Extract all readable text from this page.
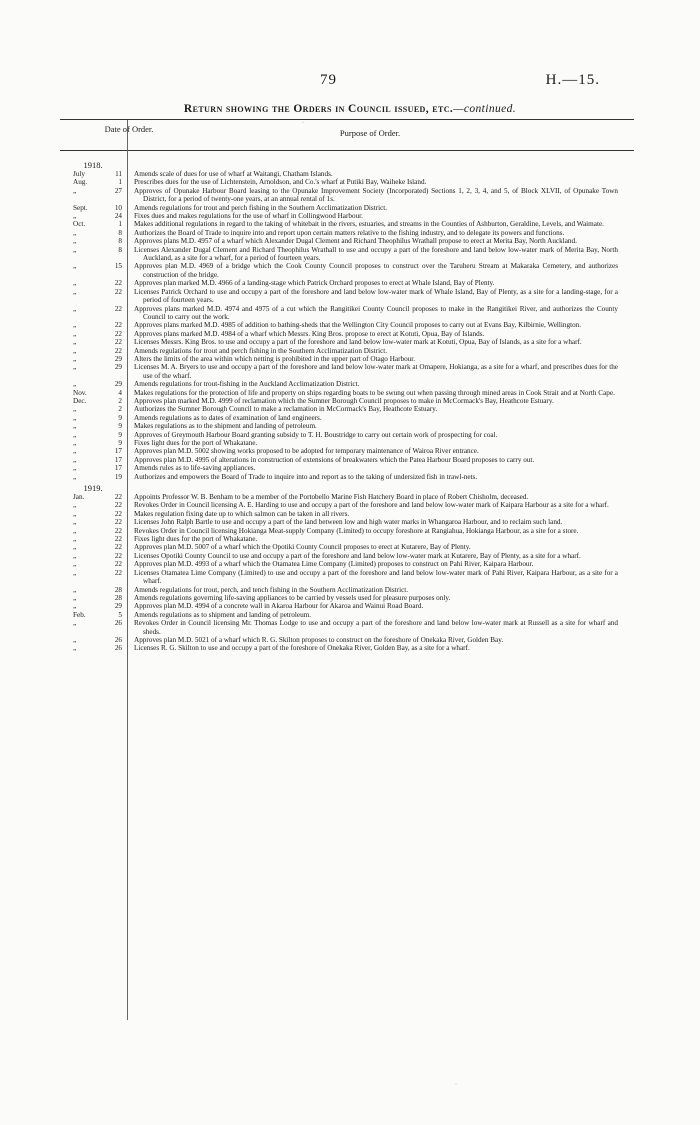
79	H.—15.
Return showing the Orders in Council issued, etc.—continued.
Date of Order.	Purpose of Order.
1918.
July	11 Amends scale of dues for use of wharf at Waitangi, Chatham Islands.
Aug.	1 Prescribes dues for the use of Lichtenstein, Arnoldson, and Co.'s wharf at Putiki Bay, Waiheke Island.
„	27 Approves of Opunake Harbour Board leasing to the Opunake Improvement Society (Incorporated) Sections 1, 2, 3, 4, and 5, of Block XLVII, of Opunake Town District, for a period of twenty-one years, at an annual rental of 1s.
Sept.	10 Amends regulations for trout and perch fishing in the Southern Acclimatization District.
„	24 Fixes dues and makes regulations for the use of wharf in Collingwood Harbour.
Oct.	1 Makes additional regulations in regard to the taking of whitebait in the rivers, estuaries, and streams in the Counties of Ashburton, Geraldine, Levels, and Waimate.
„	8 Authorizes the Board of Trade to inquire into and report upon certain matters relative to the fishing industry, and to delegate its powers and functions.
„	8 Approves plans M.D. 4957 of a wharf which Alexander Dugal Clement and Richard Theophilus Wrathall propose to erect at Merita Bay, North Auckland.
„	8 Licenses Alexander Dugal Clement and Richard Theophilus Wrathall to use and occupy a part of the foreshore and land below low-water mark of Merita Bay, North Auckland, as a site for a wharf, for a period of fourteen years.
„	15 Approves plan M.D. 4969 of a bridge which the Cook County Council proposes to construct over the Taruheru Stream at Makaraka Cemetery, and authorizes construction of the bridge.
„	22 Approves plan marked M.D. 4966 of a landing-stage which Patrick Orchard proposes to erect at Whale Island, Bay of Plenty.
„	22 Licenses Patrick Orchard to use and occupy a part of the foreshore and land below low-water mark of Whale Island, Bay of Plenty, as a site for a landing-stage, for a period of fourteen years.
„	22 Approves plans marked M.D. 4974 and 4975 of a cut which the Rangitikei County Council proposes to make in the Rangitikei River, and authorizes the County Council to carry out the work.
„	22 Approves plans marked M.D. 4985 of addition to bathing-sheds that the Wellington City Council proposes to carry out at Evans Bay, Kilbirnie, Wellington.
„	22 Approves plans marked M.D. 4984 of a wharf which Messrs. King Bros. propose to erect at Kotuti, Opua, Bay of Islands.
„	22 Licenses Messrs. King Bros. to use and occupy a part of the foreshore and land below low-water mark at Kotuti, Opua, Bay of Islands, as a site for a wharf.
„	22 Amends regulations for trout and perch fishing in the Southern Acclimatization District.
„	29 Alters the limits of the area within which netting is prohibited in the upper part of Otago Harbour.
„	29 Licenses M. A. Bryers to use and occupy a part of the foreshore and land below low-water mark at Omapere, Hokianga, as a site for a wharf, and prescribes dues for the use of the wharf.
„	29 Amends regulations for trout-fishing in the Auckland Acclimatization District.
Nov.	4 Makes regulations for the protection of life and property on ships regarding boats to be swung out when passing through mined areas in Cook Strait and at North Cape.
Dec.	2 Approves plan marked M.D. 4999 of reclamation which the Sumner Borough Council proposes to make in McCormack's Bay, Heathcote Estuary.
„	2 Authorizes the Sumner Borough Council to make a reclamation in McCormack's Bay, Heathcote Estuary.
„	9 Amends regulations as to dates of examination of land engineers.
„	9 Makes regulations as to the shipment and landing of petroleum.
„	9 Approves of Greymouth Harbour Board granting subsidy to T. H. Boustridge to carry out certain work of prospecting for coal.
„	9 Fixes light dues for the port of Whakatane.
„	17 Approves plan M.D. 5002 showing works proposed to be adopted for temporary maintenance of Wairoa River entrance.
„	17 Approves plan M.D. 4995 of alterations in construction of extensions of breakwaters which the Patea Harbour Board proposes to carry out.
„	17 Amends rules as to life-saving appliances.
„	19 Authorizes and empowers the Board of Trade to inquire into and report as to the taking of undersized fish in trawl-nets.
1919.
Jan.	22 Appoints Professor W. B. Benham to be a member of the Portobello Marine Fish Hatchery Board in place of Robert Chisholm, deceased.
„	22 Revokes Order in Council licensing A. E. Harding to use and occupy a part of the foreshore and land below low-water mark of Kaipara Harbour as a site for a wharf.
„	22 Makes regulation fixing date up to which salmon can be taken in all rivers.
„	22 Licenses John Ralph Bartle to use and occupy a part of the land between low and high water marks in Whangaroa Harbour, and to reclaim such land.
„	22 Revokes Order in Council licensing Hokianga Meat-supply Company (Limited) to occupy foreshore at Rangiahua, Hokianga Harbour, as a site for a store.
„	22 Fixes light dues for the port of Whakatane.
„	22 Approves plan M.D. 5007 of a wharf which the Opotiki County Council proposes to erect at Kutarere, Bay of Plenty.
„	22 Licenses Opotiki County Council to use and occupy a part of the foreshore and land below low-water mark at Kutarere, Bay of Plenty, as a site for a wharf.
„	22 Approves plan M.D. 4993 of a wharf which the Otamatea Lime Company (Limited) proposes to construct on Pahi River, Kaipara Harbour.
„	22 Licenses Otamatea Lime Company (Limited) to use and occupy a part of the foreshore and land below low-water mark of Pahi River, Kaipara Harbour, as a site for a wharf.
„	28 Amends regulations for trout, perch, and tench fishing in the Southern Acclimatization District.
„	28 Amends regulations governing life-saving appliances to be carried by vessels used for pleasure purposes only.
„	29 Approves plan M.D. 4994 of a concrete wall in Akaroa Harbour for Akaroa and Wainui Road Board.
Feb.	5 Amends regulations as to shipment and landing of petroleum.
„	26 Revokes Order in Council licensing Mr. Thomas Lodge to use and occupy a part of the foreshore and land below low-water mark at Russell as a site for wharf and sheds.
„	26 Approves plan M.D. 5021 of a wharf which R. G. Skilton proposes to construct on the foreshore of Onekaka River, Golden Bay.
„	26 Licenses R. G. Skilton to use and occupy a part of the foreshore of Onekaka River, Golden Bay, as a site for a wharf.
·
·
